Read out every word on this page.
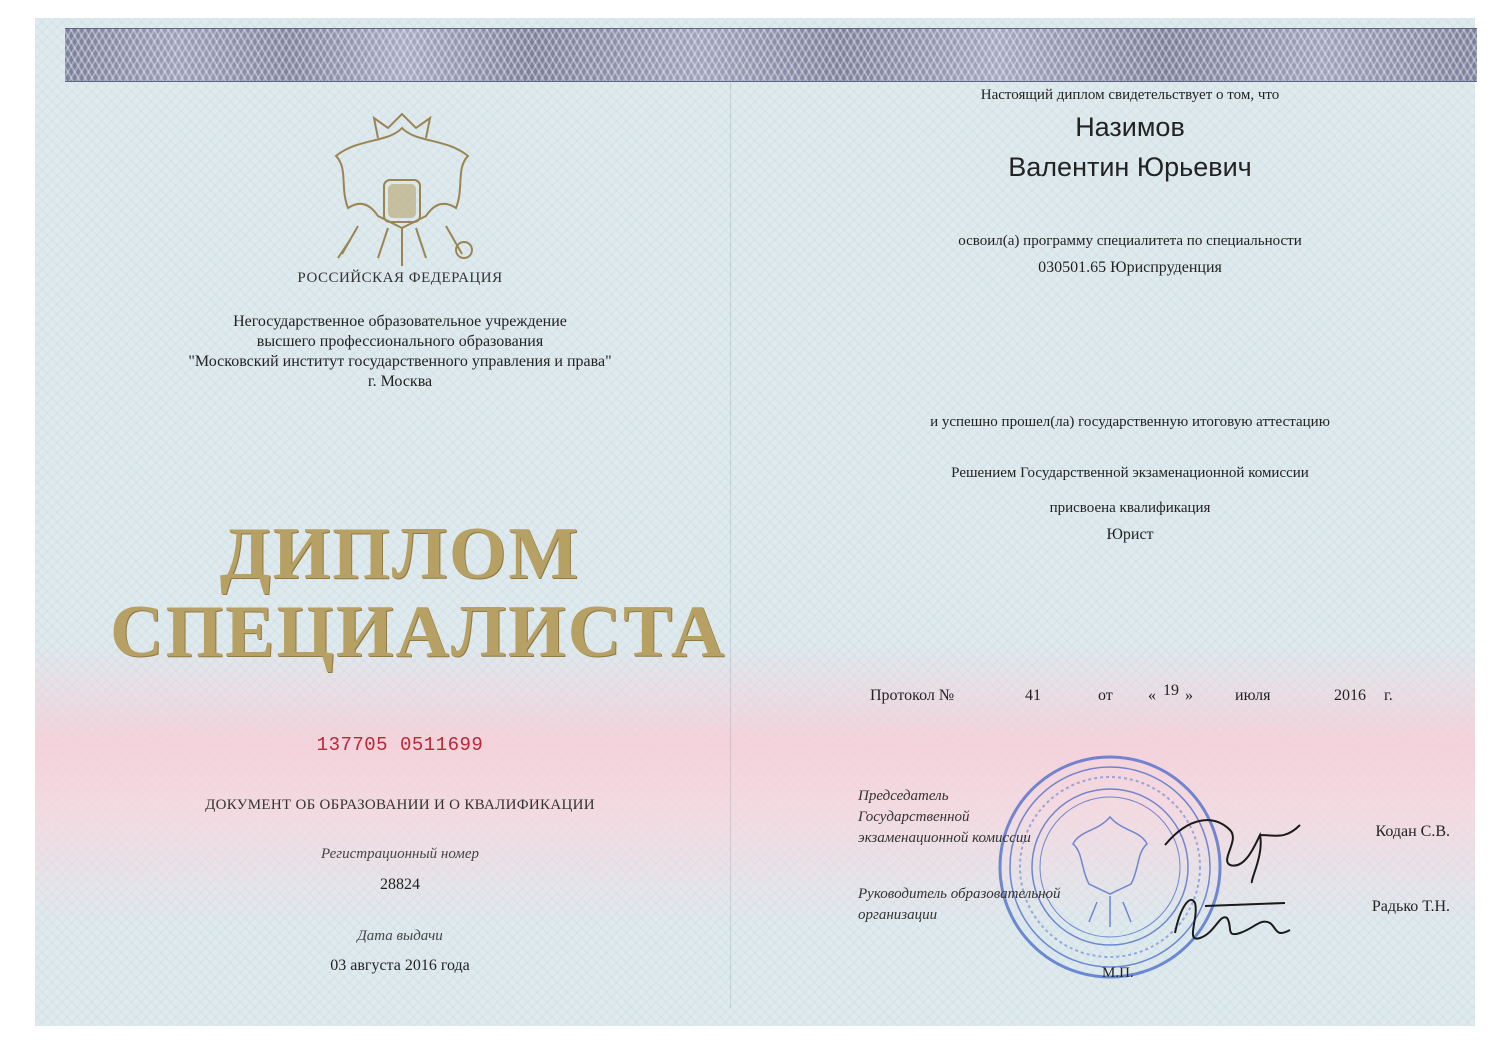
РОССИЙСКАЯ ФЕДЕРАЦИЯ
Негосударственное образовательное учреждение
высшего профессионального образования
"Московский институт государственного управления и права"
г. Москва
ДИПЛОМ
СПЕЦИАЛИСТА
137705 0511699
ДОКУМЕНТ ОБ ОБРАЗОВАНИИ И О КВАЛИФИКАЦИИ
Регистрационный номер
28824
Дата выдачи
03 августа 2016 года
Настоящий диплом свидетельствует о том, что
Назимов
Валентин Юрьевич
освоил(а) программу специалитета по специальности
030501.65 Юриспруденция
и успешно прошел(ла) государственную итоговую аттестацию
Решением Государственной экзаменационной комиссии
присвоена квалификация
Юрист
Протокол №	41	от « 19 »	июля	2016 г.
Председатель
Государственной
экзаменационной комиссии
Руководитель образовательной
организации
Кодан С.В.
Радько Т.Н.
М.П.
